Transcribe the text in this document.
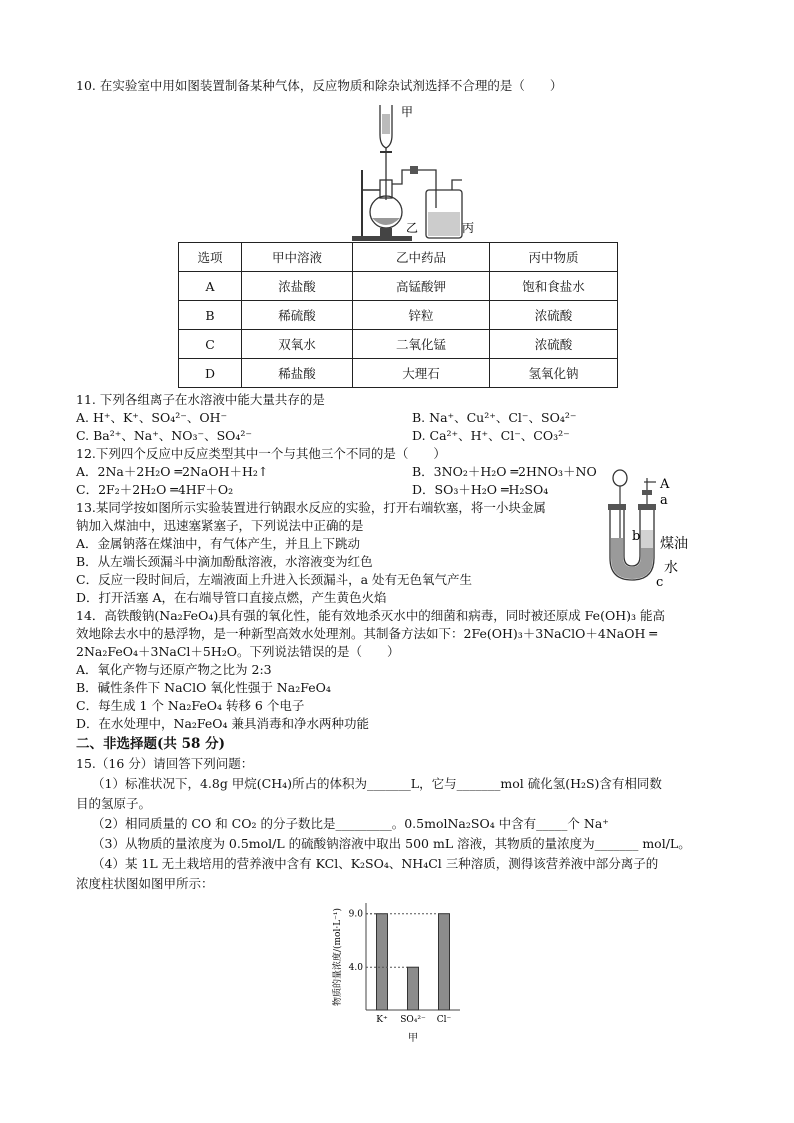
10. 在实验室中用如图装置制备某种气体，反应物质和除杂试剂选择不合理的是（　　）
甲
乙	丙
选项	甲中溶液	乙中药品	丙中物质
A	浓盐酸	高锰酸钾	饱和食盐水
B	稀硫酸	锌粒	浓硫酸
C	双氧水	二氧化锰	浓硫酸
D	稀盐酸	大理石	氢氧化钠
11. 下列各组离子在水溶液中能大量共存的是
A. H⁺、K⁺、SO₄²⁻、OH⁻	B. Na⁺、Cu²⁺、Cl⁻、SO₄²⁻
C. Ba²⁺、Na⁺、NO₃⁻、SO₄²⁻	D. Ca²⁺、H⁺、Cl⁻、CO₃²⁻
12.下列四个反应中反应类型其中一个与其他三个不同的是（　　）
A．2Na＋2H₂O ═2NaOH＋H₂↑	B．3NO₂＋H₂O ═2HNO₃＋NO
C．2F₂＋2H₂O ═4HF＋O₂	D．SO₃＋H₂O ═H₂SO₄
13.某同学按如图所示实验装置进行钠跟水反应的实验，打开右端软塞，将一小块金属
钠加入煤油中，迅速塞紧塞子，下列说法中正确的是
A．金属钠落在煤油中，有气体产生，并且上下跳动
B．从左端长颈漏斗中滴加酚酞溶液，水溶液变为红色
C．反应一段时间后，左端液面上升进入长颈漏斗，a 处有无色氧气产生
D．打开活塞 A，在右端导管口直接点燃，产生黄色火焰
A
a
b 煤油
水
c
14．高铁酸钠(Na₂FeO₄)具有强的氧化性，能有效地杀灭水中的细菌和病毒，同时被还原成 Fe(OH)₃ 能高
效地除去水中的悬浮物，是一种新型高效水处理剂。其制备方法如下：2Fe(OH)₃＋3NaClO＋4NaOH ═
2Na₂FeO₄＋3NaCl＋5H₂O。下列说法错误的是（　　）
A．氧化产物与还原产物之比为 2:3
B．碱性条件下 NaClO 氧化性强于 Na₂FeO₄
C．每生成 1 个 Na₂FeO₄ 转移 6 个电子
D．在水处理中，Na₂FeO₄ 兼具消毒和净水两种功能
二、非选择题(共 58 分)
15.（16 分）请回答下列问题：
（1）标准状况下，4.8g 甲烷(CH₄)所占的体积为_______L，它与_______mol 硫化氢(H₂S)含有相同数
目的氢原子。
（2）相同质量的 CO 和 CO₂ 的分子数比是_________。0.5molNa₂SO₄ 中含有_____个 Na⁺
（3）从物质的量浓度为 0.5mol/L 的硫酸钠溶液中取出 500 mL 溶液，其物质的量浓度为_______ mol/L。
（4）某 1L 无土栽培用的营养液中含有 KCl、K₂SO₄、NH₄Cl 三种溶质，测得该营养液中部分离子的
浓度柱状图如图甲所示：
物质的量浓度/(mol·L⁻¹) 4.0
9.0
K⁺ SO₄²⁻ Cl⁻
甲
